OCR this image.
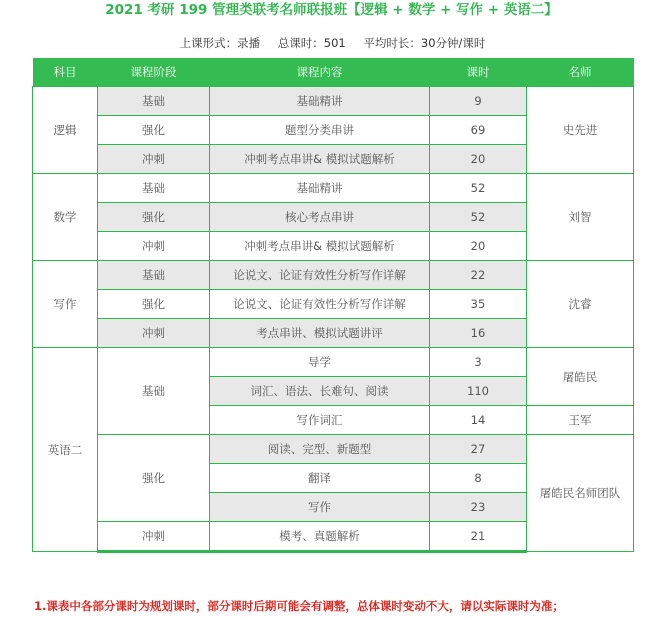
2021 考研 199 管理类联考名师联报班【逻辑 + 数学 + 写作 + 英语二】
上课形式：录播 总课时：501 平均时长：30分钟/课时
科目	课程阶段	课程内容	课时	名师
逻辑	基础	基础精讲	9	史先进
	强化	题型分类串讲	69	
	冲刺	冲刺考点串讲& 模拟试题解析	20	
数学	基础	基础精讲	52	刘智
	强化	核心考点串讲	52	
	冲刺	冲刺考点串讲& 模拟试题解析	20	
写作	基础	论说文、论证有效性分析写作详解	22	沈睿
	强化	论说文、论证有效性分析写作详解	35	
	冲刺	考点串讲、模拟试题讲评	16	
英语二	基础	导学	3	屠皓民
		词汇、语法、长难句、阅读	110	
		写作词汇	14	王军
	强化	阅读、完型、新题型	27	屠皓民名师团队
		翻译	8	
		写作	23	
	冲刺	模考、真题解析	21	
1.课表中各部分课时为规划课时，部分课时后期可能会有调整，总体课时变动不大，请以实际课时为准；
